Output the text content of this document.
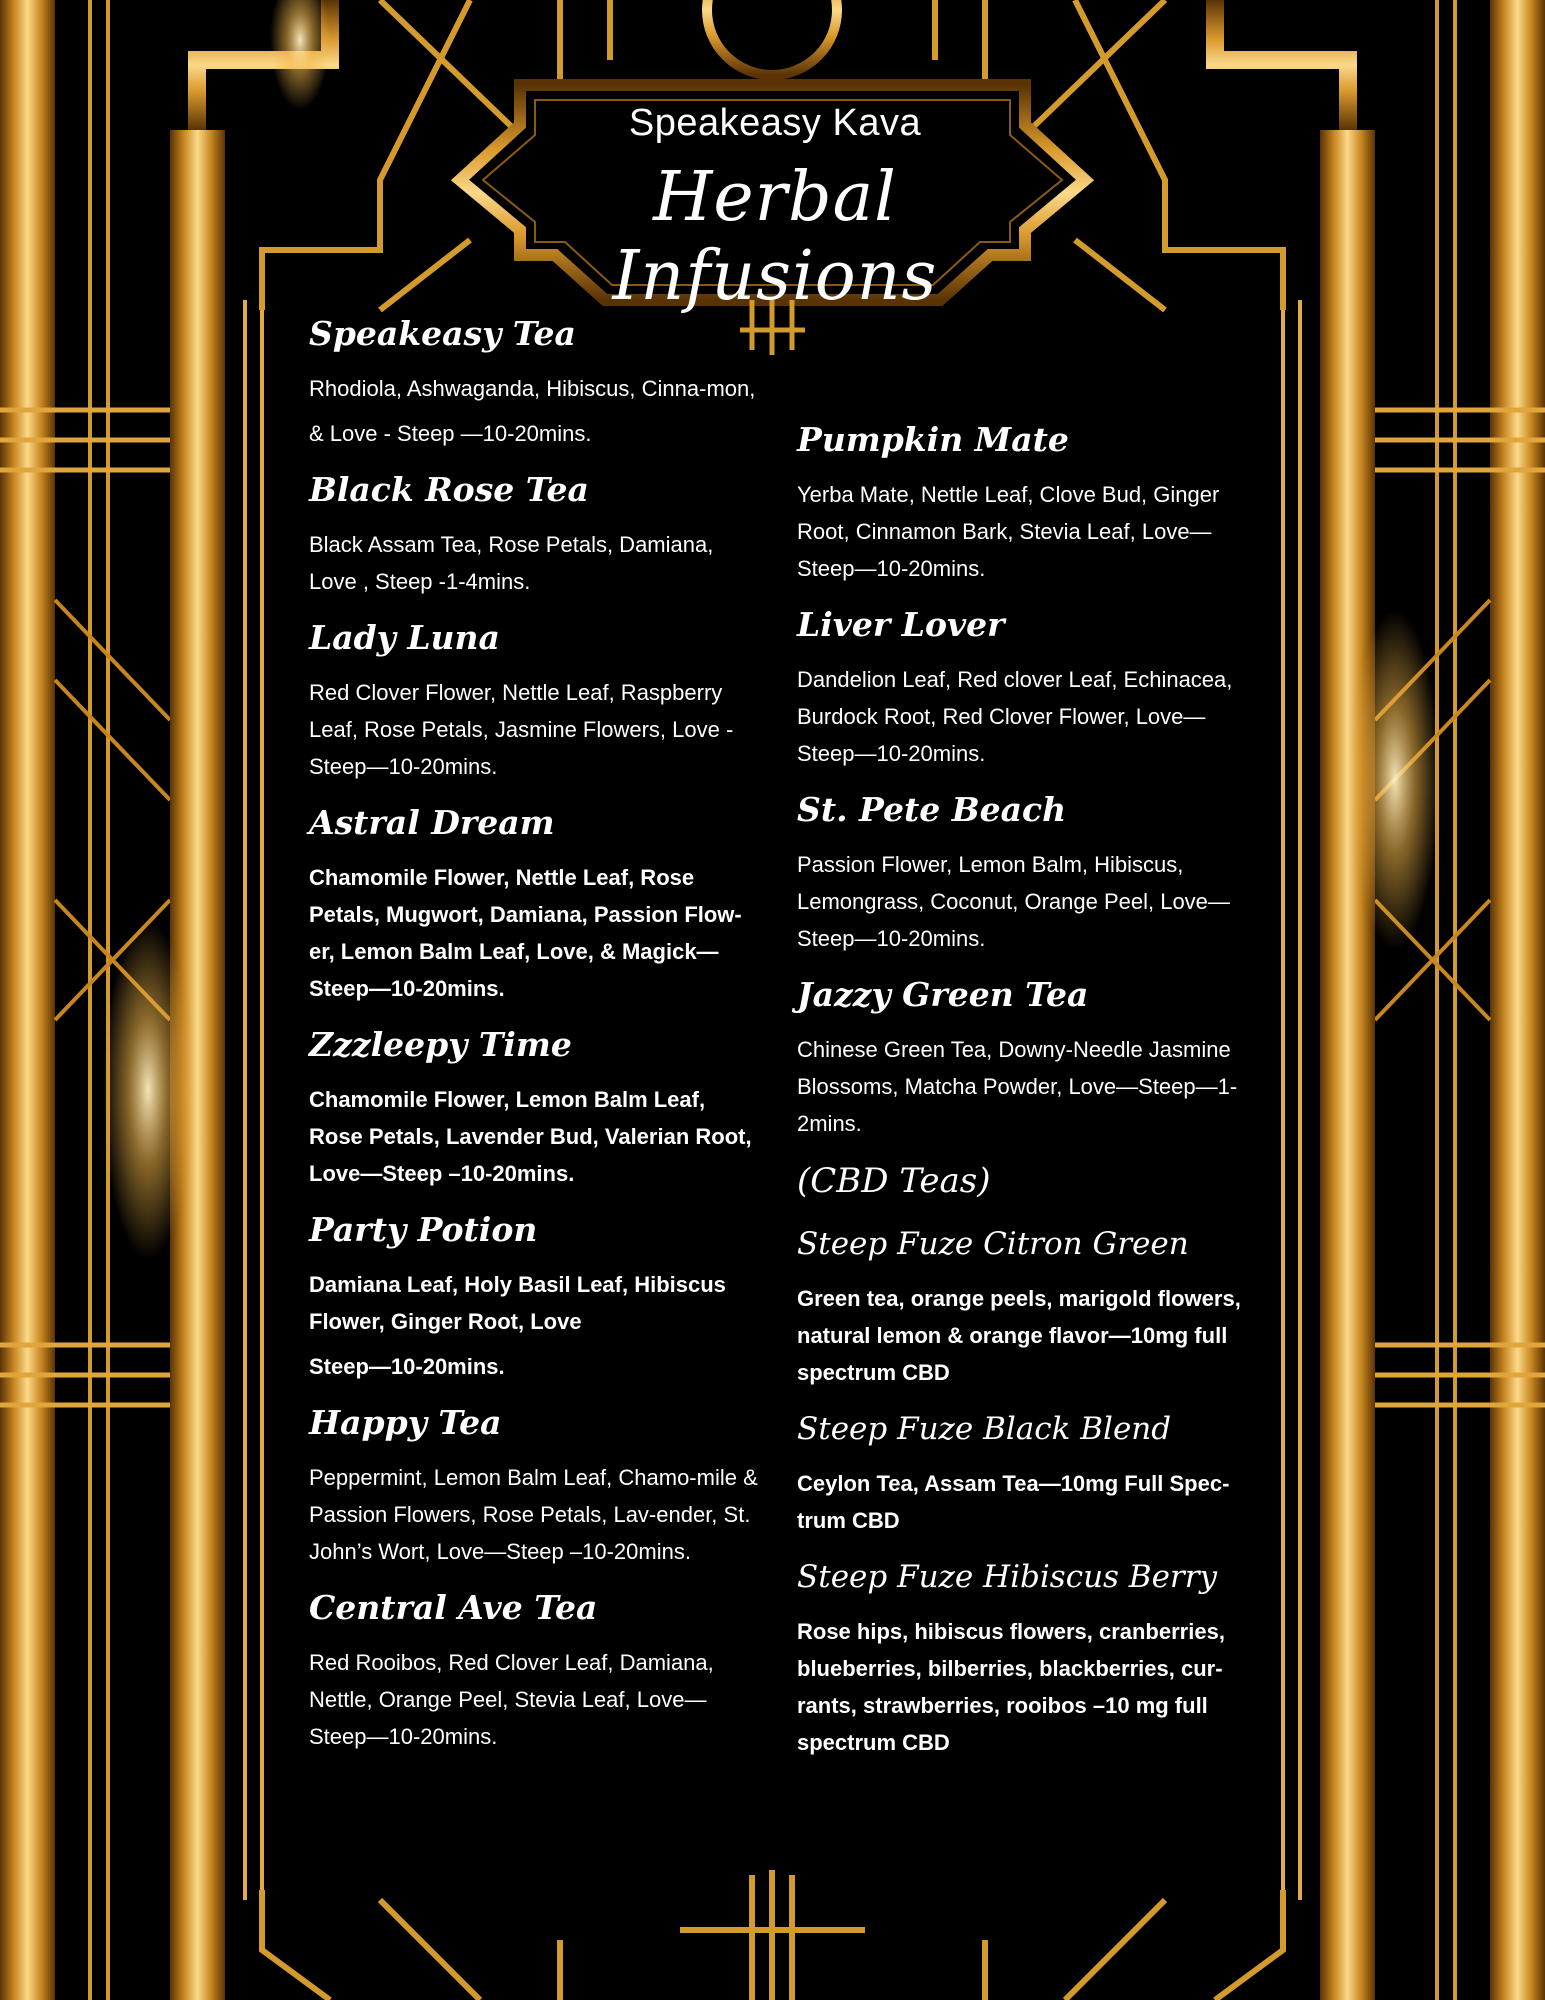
Speakeasy Kava
Herbal Infusions
Speakeasy Tea
Rhodiola, Ashwaganda, Hibiscus, Cinna-mon,
& Love - Steep —10-20mins.
Black Rose Tea
Black Assam Tea, Rose Petals, Damiana, Love , Steep -1-4mins.
Lady Luna
Red Clover Flower, Nettle Leaf, Raspberry Leaf, Rose Petals, Jasmine Flowers, Love - Steep—10-20mins.
Astral Dream
Chamomile Flower, Nettle Leaf, Rose Petals, Mugwort, Damiana, Passion Flow-er, Lemon Balm Leaf, Love, & Magick—Steep—10-20mins.
Zzzleepy Time
Chamomile Flower, Lemon Balm Leaf, Rose Petals, Lavender Bud, Valerian Root, Love—Steep –10-20mins.
Party Potion
Damiana Leaf, Holy Basil Leaf, Hibiscus Flower, Ginger Root, Love
Steep—10-20mins.
Happy Tea
Peppermint, Lemon Balm Leaf, Chamo-mile & Passion Flowers, Rose Petals, Lav-ender, St. John’s Wort, Love—Steep –10-20mins.
Central Ave Tea
Red Rooibos, Red Clover Leaf, Damiana, Nettle, Orange Peel, Stevia Leaf, Love—Steep—10-20mins.
Pumpkin Mate
Yerba Mate, Nettle Leaf, Clove Bud, Ginger Root, Cinnamon Bark, Stevia Leaf, Love—Steep—10-20mins.
Liver Lover
Dandelion Leaf, Red clover Leaf, Echinacea, Burdock Root, Red Clover Flower, Love—Steep—10-20mins.
St. Pete Beach
Passion Flower, Lemon Balm, Hibiscus, Lemongrass, Coconut, Orange Peel, Love—Steep—10-20mins.
Jazzy Green Tea
Chinese Green Tea, Downy-Needle Jasmine Blossoms, Matcha Powder, Love—Steep—1-2mins.
(CBD Teas)
Steep Fuze Citron Green
Green tea, orange peels, marigold flowers, natural lemon & orange flavor—10mg full spectrum CBD
Steep Fuze Black Blend
Ceylon Tea, Assam Tea—10mg Full Spec-trum CBD
Steep Fuze Hibiscus Berry
Rose hips, hibiscus flowers, cranberries, blueberries, bilberries, blackberries, cur-rants, strawberries, rooibos –10 mg full spectrum CBD
